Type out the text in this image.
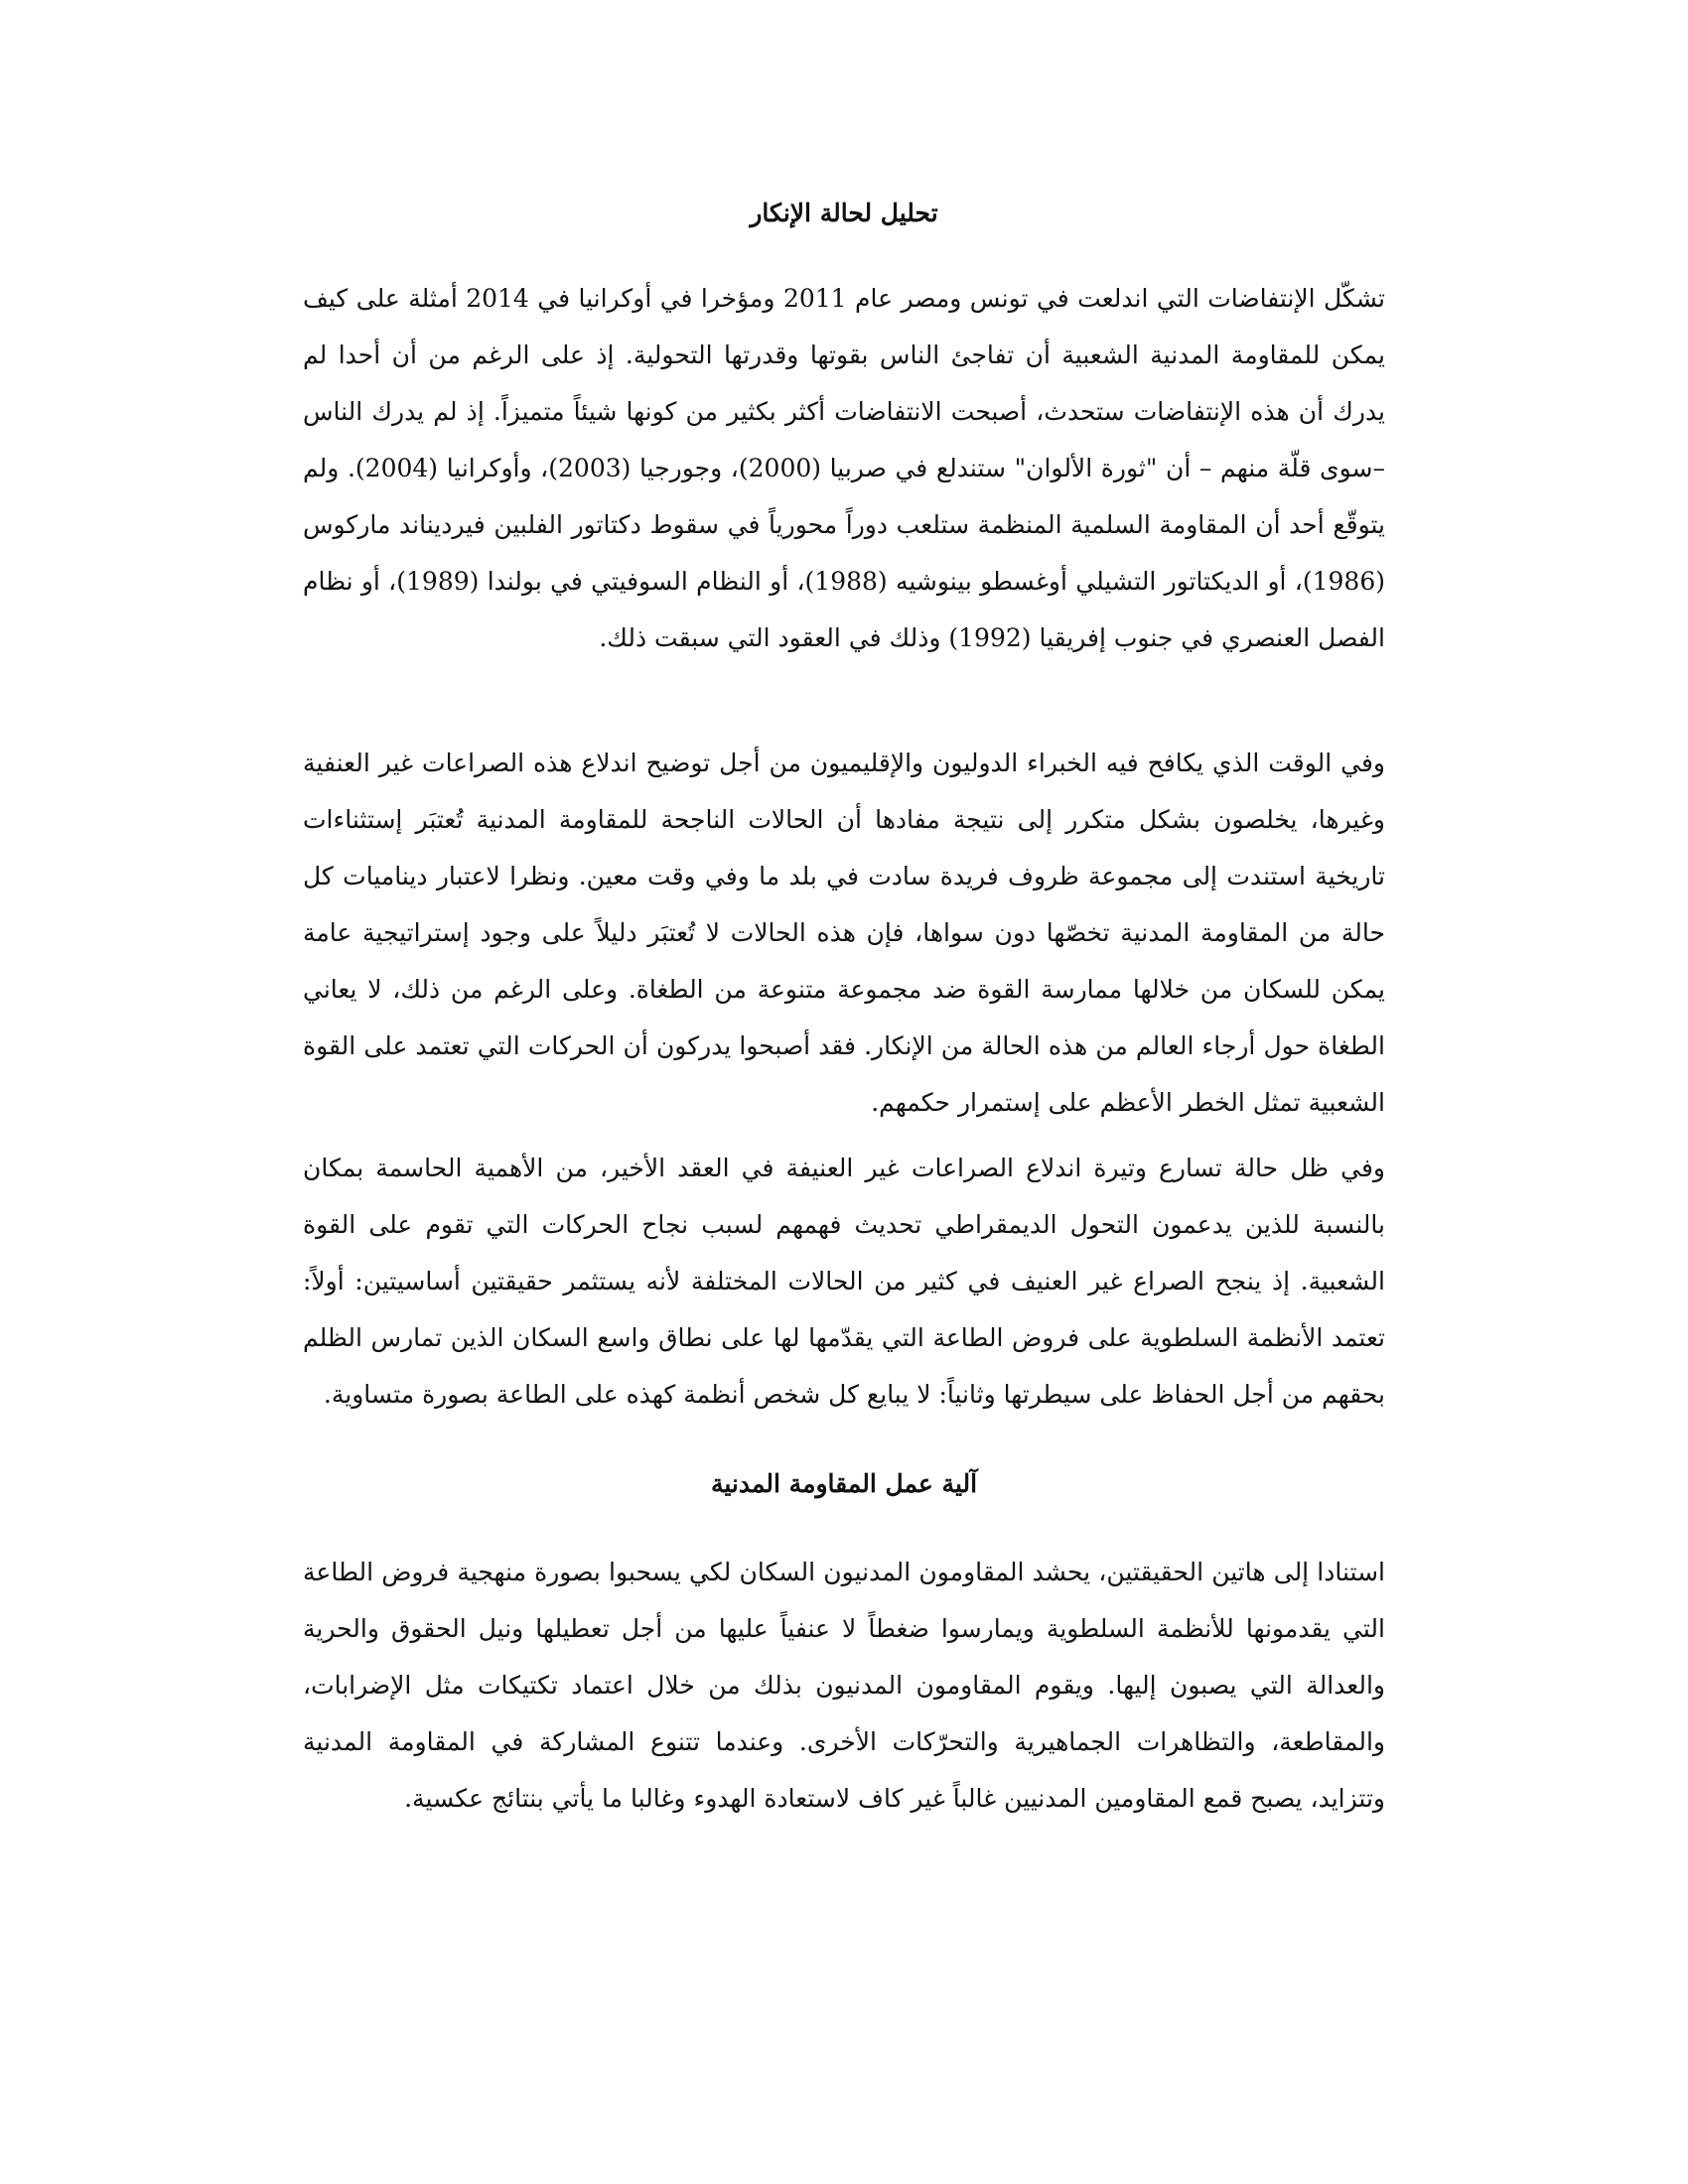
تحليل لحالة الإنكار

تشكّل الإنتفاضات التي اندلعت في تونس ومصر عام 2011 ومؤخرا في أوكرانيا في 2014 أمثلة على كيف يمكن للمقاومة المدنية الشعبية أن تفاجئ الناس بقوتها وقدرتها التحولية. إذ على الرغم من أن أحدا لم يدرك أن هذه الإنتفاضات ستحدث، أصبحت الانتفاضات أكثر بكثير من كونها شيئاً متميزاً. إذ لم يدرك الناس –سوى قلّة منهم – أن "ثورة الألوان" ستندلع في صربيا (2000)، وجورجيا (2003)، وأوكرانيا (2004). ولم يتوقّع أحد أن المقاومة السلمية المنظمة ستلعب دوراً محورياً في سقوط دكتاتور الفلبين فيرديناند ماركوس (1986)، أو الديكتاتور التشيلي أوغسطو بينوشيه (1988)، أو النظام السوفيتي في بولندا (1989)، أو نظام الفصل العنصري في جنوب إفريقيا (1992) وذلك في العقود التي سبقت ذلك.

وفي الوقت الذي يكافح فيه الخبراء الدوليون والإقليميون من أجل توضيح اندلاع هذه الصراعات غير العنفية وغيرها، يخلصون بشكل متكرر إلى نتيجة مفادها أن الحالات الناجحة للمقاومة المدنية تُعتبَر إستثناءات تاريخية استندت إلى مجموعة ظروف فريدة سادت في بلد ما وفي وقت معين. ونظرا لاعتبار ديناميات كل حالة من المقاومة المدنية تخصّها دون سواها، فإن هذه الحالات لا تُعتبَر دليلاً على وجود إستراتيجية عامة يمكن للسكان من خلالها ممارسة القوة ضد مجموعة متنوعة من الطغاة. وعلى الرغم من ذلك، لا يعاني الطغاة حول أرجاء العالم من هذه الحالة من الإنكار. فقد أصبحوا يدركون أن الحركات التي تعتمد على القوة الشعبية تمثل الخطر الأعظم على إستمرار حكمهم.

وفي ظل حالة تسارع وتيرة اندلاع الصراعات غير العنيفة في العقد الأخير، من الأهمية الحاسمة بمكان بالنسبة للذين يدعمون التحول الديمقراطي تحديث فهمهم لسبب نجاح الحركات التي تقوم على القوة الشعبية. إذ ينجح الصراع غير العنيف في كثير من الحالات المختلفة لأنه يستثمر حقيقتين أساسيتين: أولاً: تعتمد الأنظمة السلطوية على فروض الطاعة التي يقدّمها لها على نطاق واسع السكان الذين تمارس الظلم بحقهم من أجل الحفاظ على سيطرتها وثانياً: لا يبايع كل شخص أنظمة كهذه على الطاعة بصورة متساوية.

آلية عمل المقاومة المدنية

استنادا إلى هاتين الحقيقتين، يحشد المقاومون المدنيون السكان لكي يسحبوا بصورة منهجية فروض الطاعة التي يقدمونها للأنظمة السلطوية ويمارسوا ضغطاً لا عنفياً عليها من أجل تعطيلها ونيل الحقوق والحرية والعدالة التي يصبون إليها. ويقوم المقاومون المدنيون بذلك من خلال اعتماد تكتيكات مثل الإضرابات، والمقاطعة، والتظاهرات الجماهيرية والتحرّكات الأخرى. وعندما تتنوع المشاركة في المقاومة المدنية وتتزايد، يصبح قمع المقاومين المدنيين غالباً غير كاف لاستعادة الهدوء وغالبا ما يأتي بنتائج عكسية.
